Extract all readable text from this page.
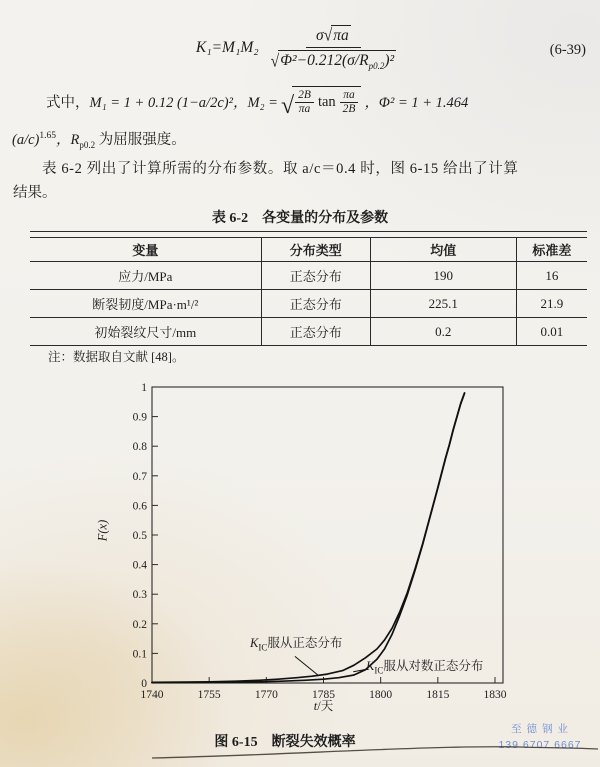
$K_1=M_1M_2 \frac{\sigma √ \pi a}{√ \Phi^2-0.212(\sigma/R_{p0.2})^2}$	(6-39)
式中， M₁ = 1 + 0.12 (1−a/2c)²，M₂ = √ 2B
πa tan πa
2B ，Φ² = 1 + 1.464
$(a/c)^{1.65}$，$R_{p0.2}$ 为屈服强度。
表 6-2 列出了计算所需的分布参数。取 a/c＝0.4 时，图 6-15 给出了计算
结果。
表 6-2　各变量的分布及参数
变量	分布类型	均值	标准差
应力/MPa	正态分布	190	16
断裂韧度/MPa·m¹/²	正态分布	225.1	21.9
初始裂纹尺寸/mm	正态分布	0.2	0.01
注：数据取自文献 [48]。
1740	1755	1770	1785	1800	1815	1830
0
0.1
0.2
0.3
0.4
0.5
0.6
0.7
0.8
0.9
1
F(x)
t/天
$K_{IC}$服从正态分布
$K_{IC}$服从对数正态分布
图 6-15　断裂失效概率
至 德 钢 业
139 6707 6667
